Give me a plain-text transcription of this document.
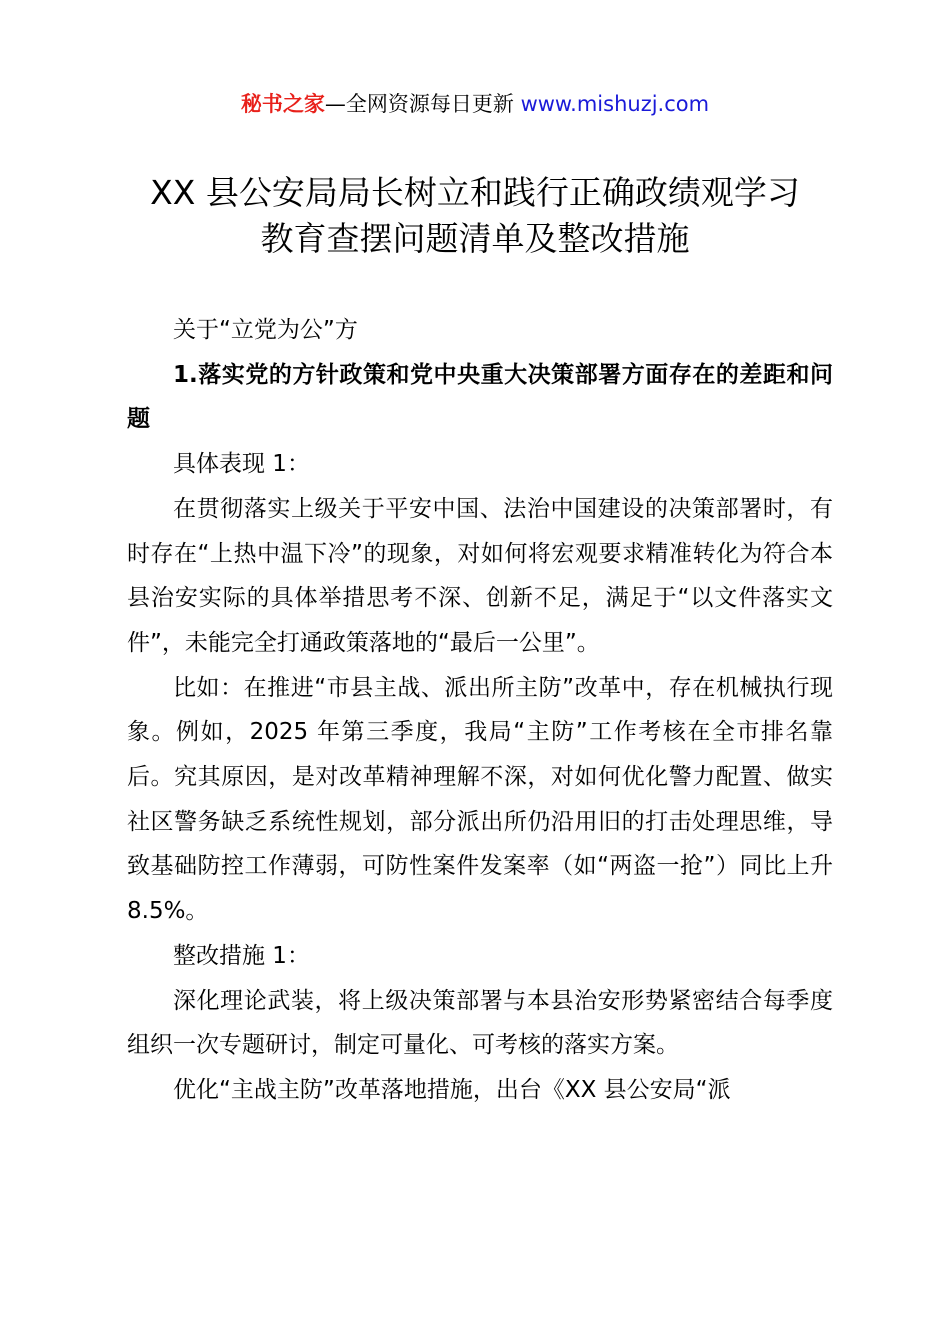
秘书之家—全网资源每日更新 www.mishuzj.com
XX 县公安局局长树立和践行正确政绩观学习
教育查摆问题清单及整改措施

关于“立党为公”方

1.落实党的方针政策和党中央重大决策部署方面存在的差距和问题

具体表现 1：

在贯彻落实上级关于平安中国、法治中国建设的决策部署时，有时存在“上热中温下冷”的现象，对如何将宏观要求精准转化为符合本县治安实际的具体举措思考不深、创新不足，满足于“以文件落实文件”，未能完全打通政策落地的“最后一公里”。

比如：在推进“市县主战、派出所主防”改革中，存在机械执行现象。例如，2025 年第三季度，我局“主防”工作考核在全市排名靠后。究其原因，是对改革精神理解不深，对如何优化警力配置、做实社区警务缺乏系统性规划，部分派出所仍沿用旧的打击处理思维，导致基础防控工作薄弱，可防性案件发案率（如“两盗一抢”）同比上升 8.5%。

整改措施 1：

深化理论武装，将上级决策部署与本县治安形势紧密结合每季度组织一次专题研讨，制定可量化、可考核的落实方案。

优化“主战主防”改革落地措施，出台《XX 县公安局“派
